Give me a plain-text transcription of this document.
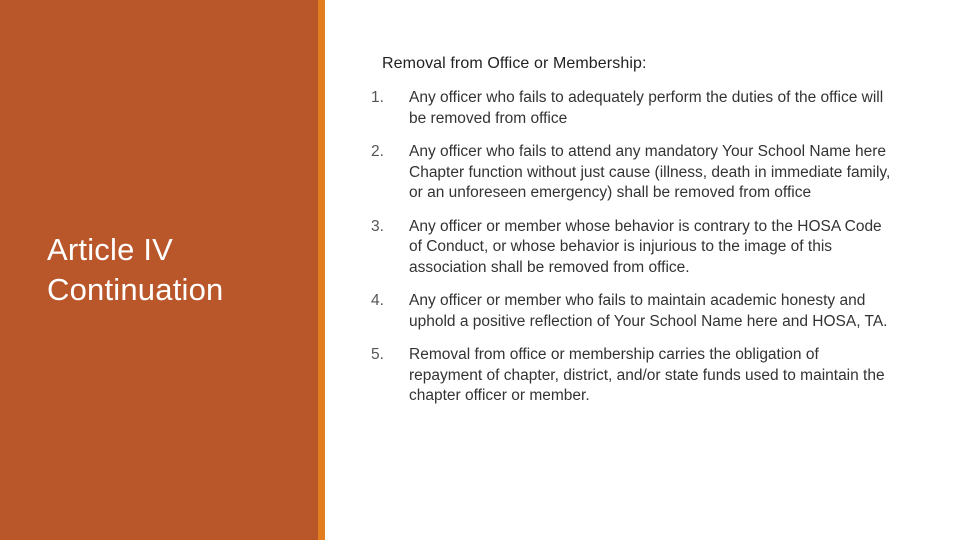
Article IV
Continuation
Removal from Office or Membership:
1.	Any officer who fails to adequately perform the duties of the office will be removed from office
2.	Any officer who fails to attend any mandatory Your School Name here Chapter function without just cause (illness, death in immediate family, or an unforeseen emergency) shall be removed from office
3.	Any officer or member whose behavior is contrary to the HOSA Code of Conduct, or whose behavior is injurious to the image of this association shall be removed from office.
4.	Any officer or member who fails to maintain academic honesty and uphold a positive reflection of Your School Name here and HOSA, TA.
5.	Removal from office or membership carries the obligation of repayment of chapter, district, and/or state funds used to maintain the chapter officer or member.
